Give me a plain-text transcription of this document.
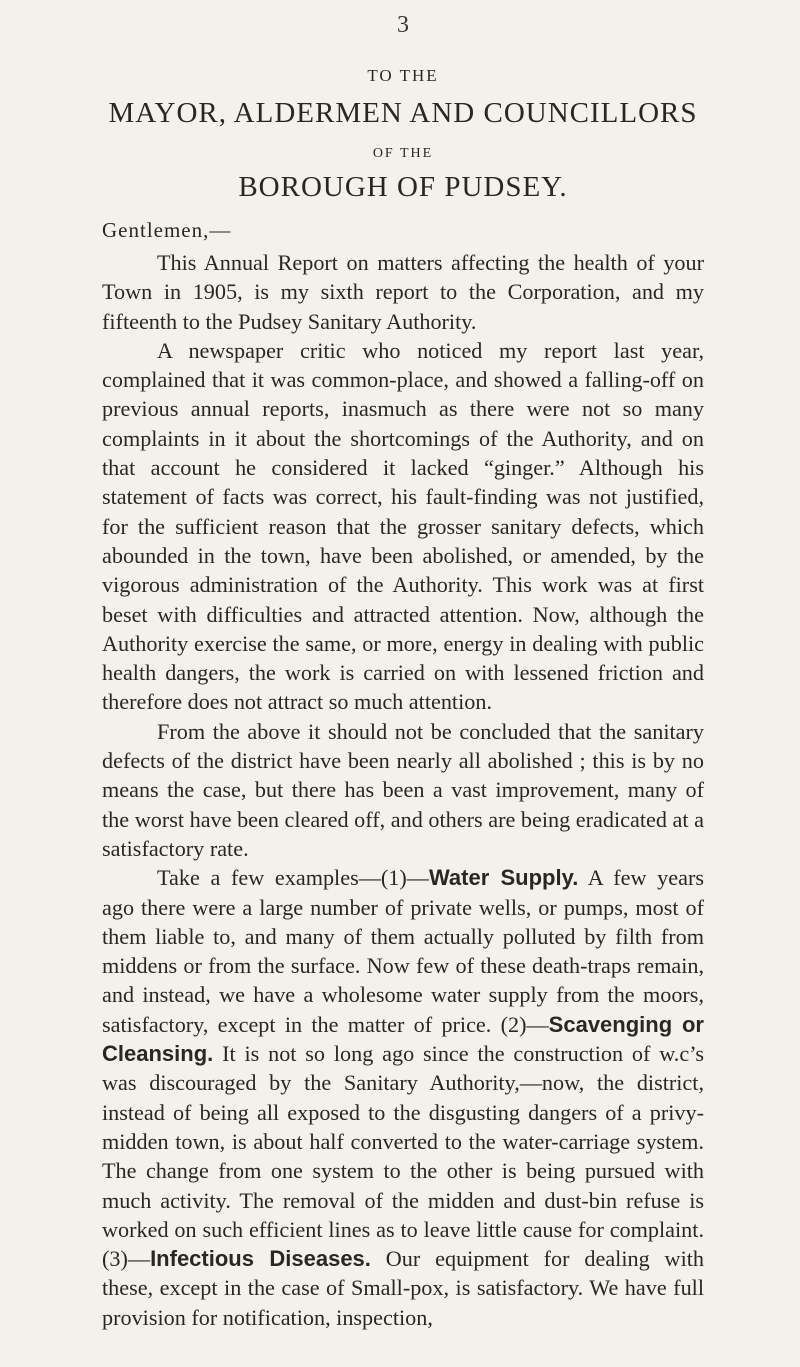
3
TO THE
MAYOR, ALDERMEN AND COUNCILLORS
OF THE
BOROUGH OF PUDSEY.
Gentlemen,—

This Annual Report on matters affecting the health of your Town in 1905, is my sixth report to the Corporation, and my fifteenth to the Pudsey Sanitary Authority.

A newspaper critic who noticed my report last year, complained that it was common-place, and showed a falling-off on previous annual reports, inasmuch as there were not so many complaints in it about the shortcomings of the Authority, and on that account he considered it lacked “ginger.” Although his statement of facts was correct, his fault-finding was not justified, for the sufficient reason that the grosser sanitary defects, which abounded in the town, have been abolished, or amended, by the vigorous administration of the Authority. This work was at first beset with difficulties and attracted attention. Now, although the Authority exercise the same, or more, energy in dealing with public health dangers, the work is carried on with lessened friction and therefore does not attract so much attention.

From the above it should not be concluded that the sanitary defects of the district have been nearly all abolished ; this is by no means the case, but there has been a vast improvement, many of the worst have been cleared off, and others are being eradicated at a satisfactory rate.

Take a few examples—(1)—Water Supply. A few years ago there were a large number of private wells, or pumps, most of them liable to, and many of them actually polluted by filth from middens or from the surface. Now few of these death-traps remain, and instead, we have a wholesome water supply from the moors, satisfactory, except in the matter of price. (2)—Scavenging or Cleansing. It is not so long ago since the construction of w.c’s was discouraged by the Sanitary Authority,—now, the district, instead of being all exposed to the disgusting dangers of a privy-midden town, is about half converted to the water-carriage system. The change from one system to the other is being pursued with much activity. The removal of the midden and dust-bin refuse is worked on such efficient lines as to leave little cause for complaint. (3)—Infectious Diseases. Our equipment for dealing with these, except in the case of Small-pox, is satisfactory. We have full provision for notification, inspection,
